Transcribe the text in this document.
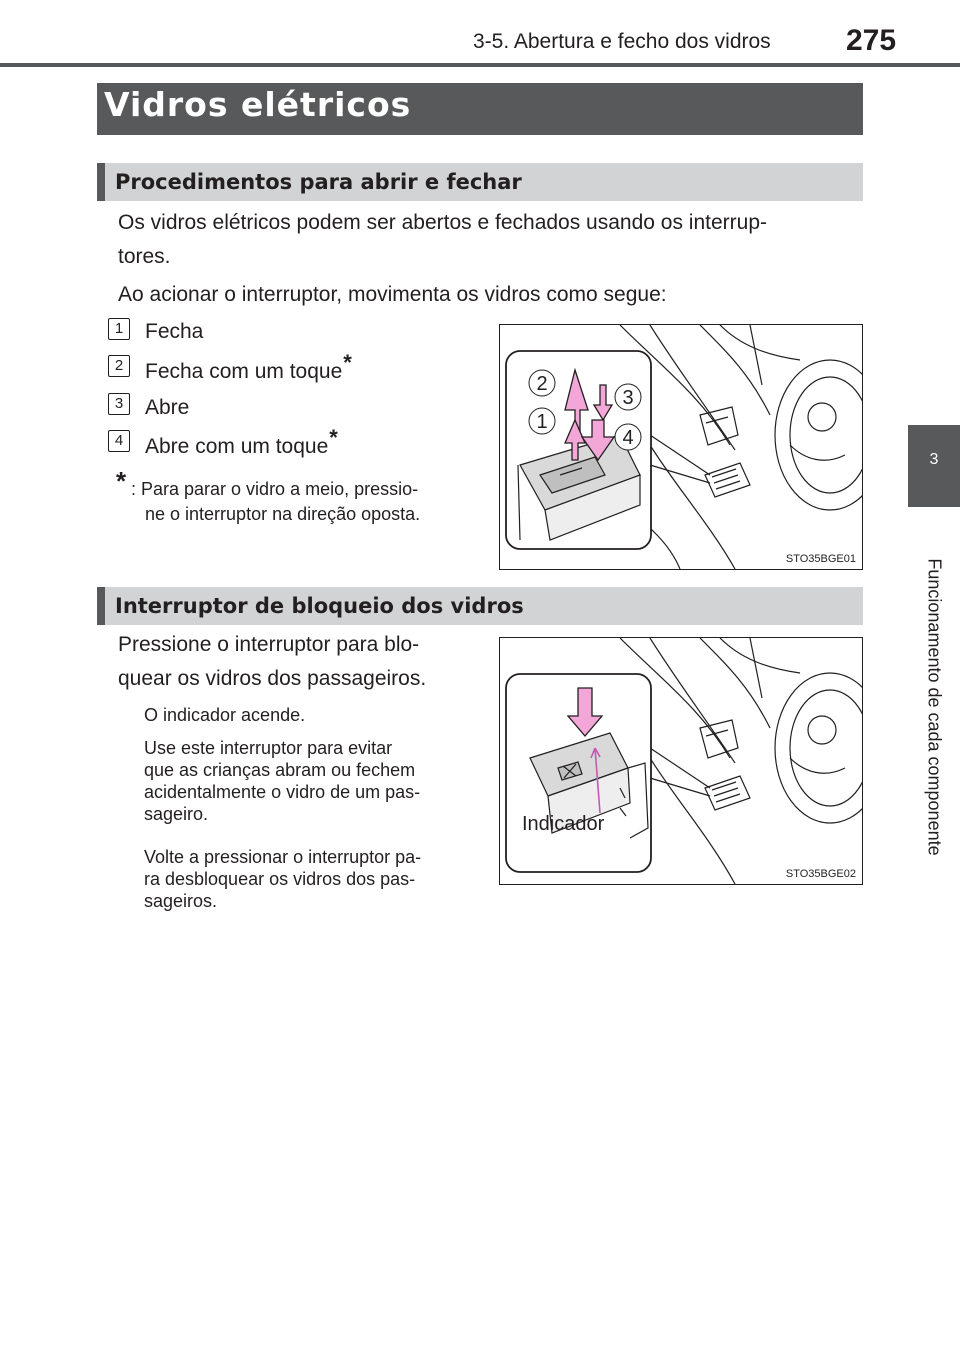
3-5. Abertura e fecho dos vidros	275
3
Funcionamento de cada componente
Vidros elétricos
Procedimentos para abrir e fechar
Os vidros elétricos podem ser abertos e fechados usando os interrup-
tores.
Ao acionar o interruptor, movimenta os vidros como segue:
1	Fecha
2	Fecha com um toque*
3	Abre
4	Abre com um toque*
* : Para parar o vidro a meio, pressio-
ne o interruptor na direção oposta.
2
3
1
4
STO35BGE01
Interruptor de bloqueio dos vidros
Pressione o interruptor para blo-
quear os vidros dos passageiros.
O indicador acende.
Use este interruptor para evitar
que as crianças abram ou fechem
acidentalmente o vidro de um pas-
sageiro.
Volte a pressionar o interruptor pa-
ra desbloquear os vidros dos pas-
sageiros.
Indicador
STO35BGE02
